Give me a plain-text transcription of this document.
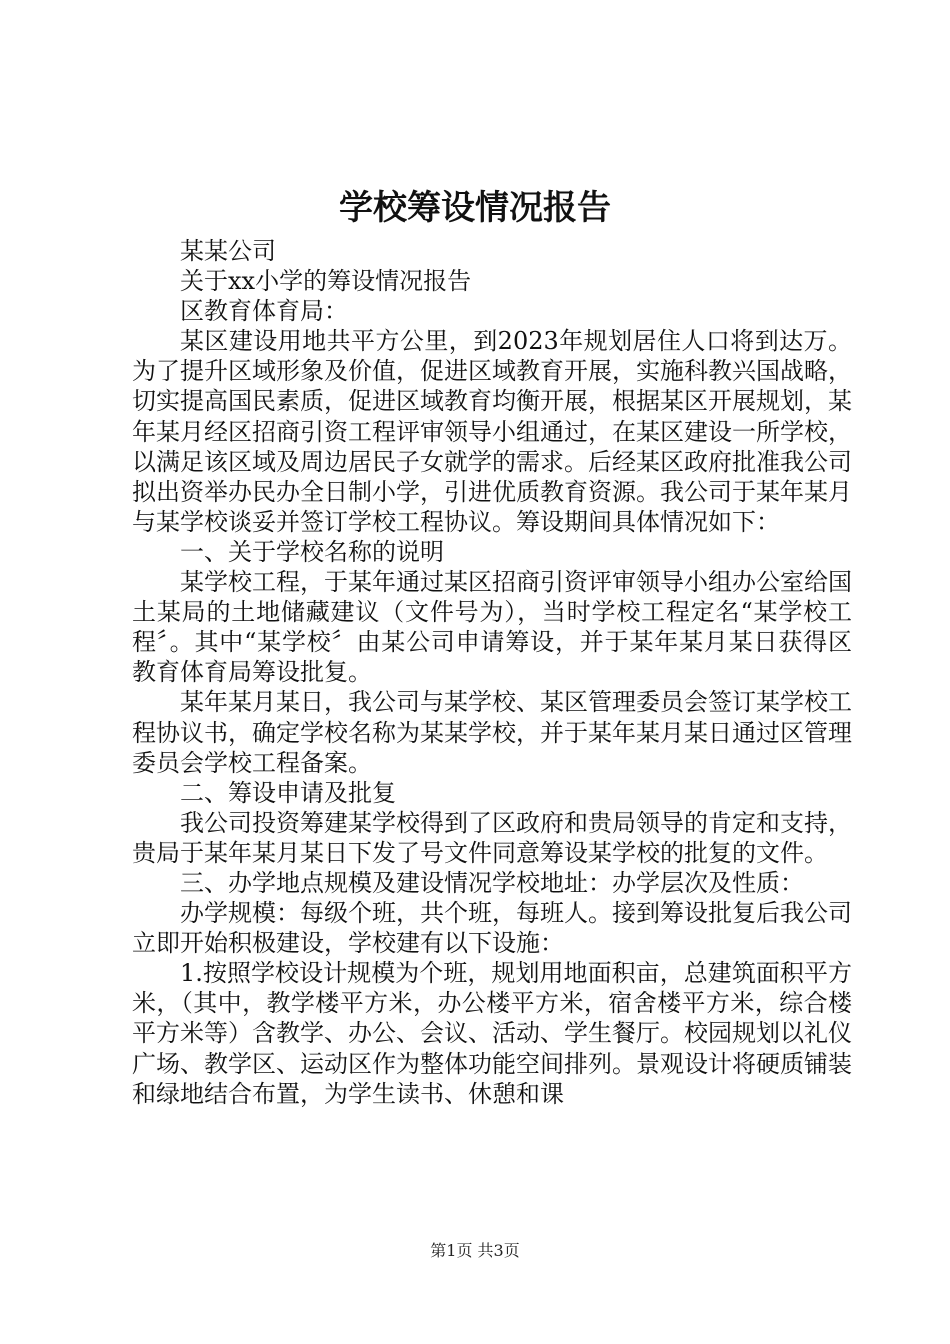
学校筹设情况报告

某某公司

关于xx小学的筹设情况报告

区教育体育局：

某区建设用地共平方公里，到2023年规划居住人口将到达万。为了提升区域形象及价值，促进区域教育开展，实施科教兴国战略，切实提高国民素质，促进区域教育均衡开展，根据某区开展规划，某年某月经区招商引资工程评审领导小组通过，在某区建设一所学校，以满足该区域及周边居民子女就学的需求。后经某区政府批准我公司拟出资举办民办全日制小学，引进优质教育资源。我公司于某年某月与某学校谈妥并签订学校工程协议。筹设期间具体情况如下：

一、关于学校名称的说明

某学校工程，于某年通过某区招商引资评审领导小组办公室给国土某局的土地储藏建议（文件号为），当时学校工程定名“某学校工程〞。其中“某学校〞由某公司申请筹设，并于某年某月某日获得区教育体育局筹设批复。

某年某月某日，我公司与某学校、某区管理委员会签订某学校工程协议书，确定学校名称为某某学校，并于某年某月某日通过区管理委员会学校工程备案。

二、筹设申请及批复

我公司投资筹建某学校得到了区政府和贵局领导的肯定和支持，贵局于某年某月某日下发了号文件同意筹设某学校的批复的文件。

三、办学地点规模及建设情况学校地址：办学层次及性质：

办学规模：每级个班，共个班，每班人。接到筹设批复后我公司立即开始积极建设，学校建有以下设施：

1.按照学校设计规模为个班，规划用地面积亩，总建筑面积平方米，（其中，教学楼平方米，办公楼平方米，宿舍楼平方米，综合楼平方米等）含教学、办公、会议、活动、学生餐厅。校园规划以礼仪广场、教学区、运动区作为整体功能空间排列。景观设计将硬质铺装和绿地结合布置，为学生读书、休憩和课

第1页 共3页
